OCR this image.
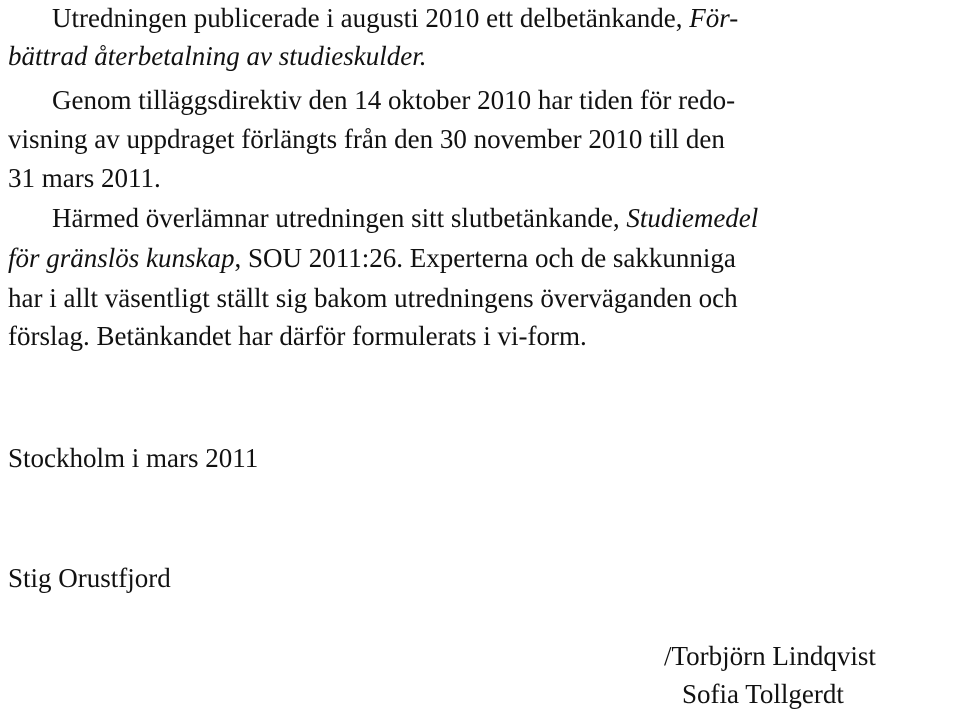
Utredningen publicerade i augusti 2010 ett delbetänkande, För-
bättrad återbetalning av studieskulder.
Genom tilläggsdirektiv den 14 oktober 2010 har tiden för redo-
visning av uppdraget förlängts från den 30 november 2010 till den
31 mars 2011.
Härmed överlämnar utredningen sitt slutbetänkande, Studiemedel
för gränslös kunskap, SOU 2011:26. Experterna och de sakkunniga
har i allt väsentligt ställt sig bakom utredningens överväganden och
förslag. Betänkandet har därför formulerats i vi-form.
Stockholm i mars 2011
Stig Orustfjord
/Torbjörn Lindqvist
Sofia Tollgerdt
